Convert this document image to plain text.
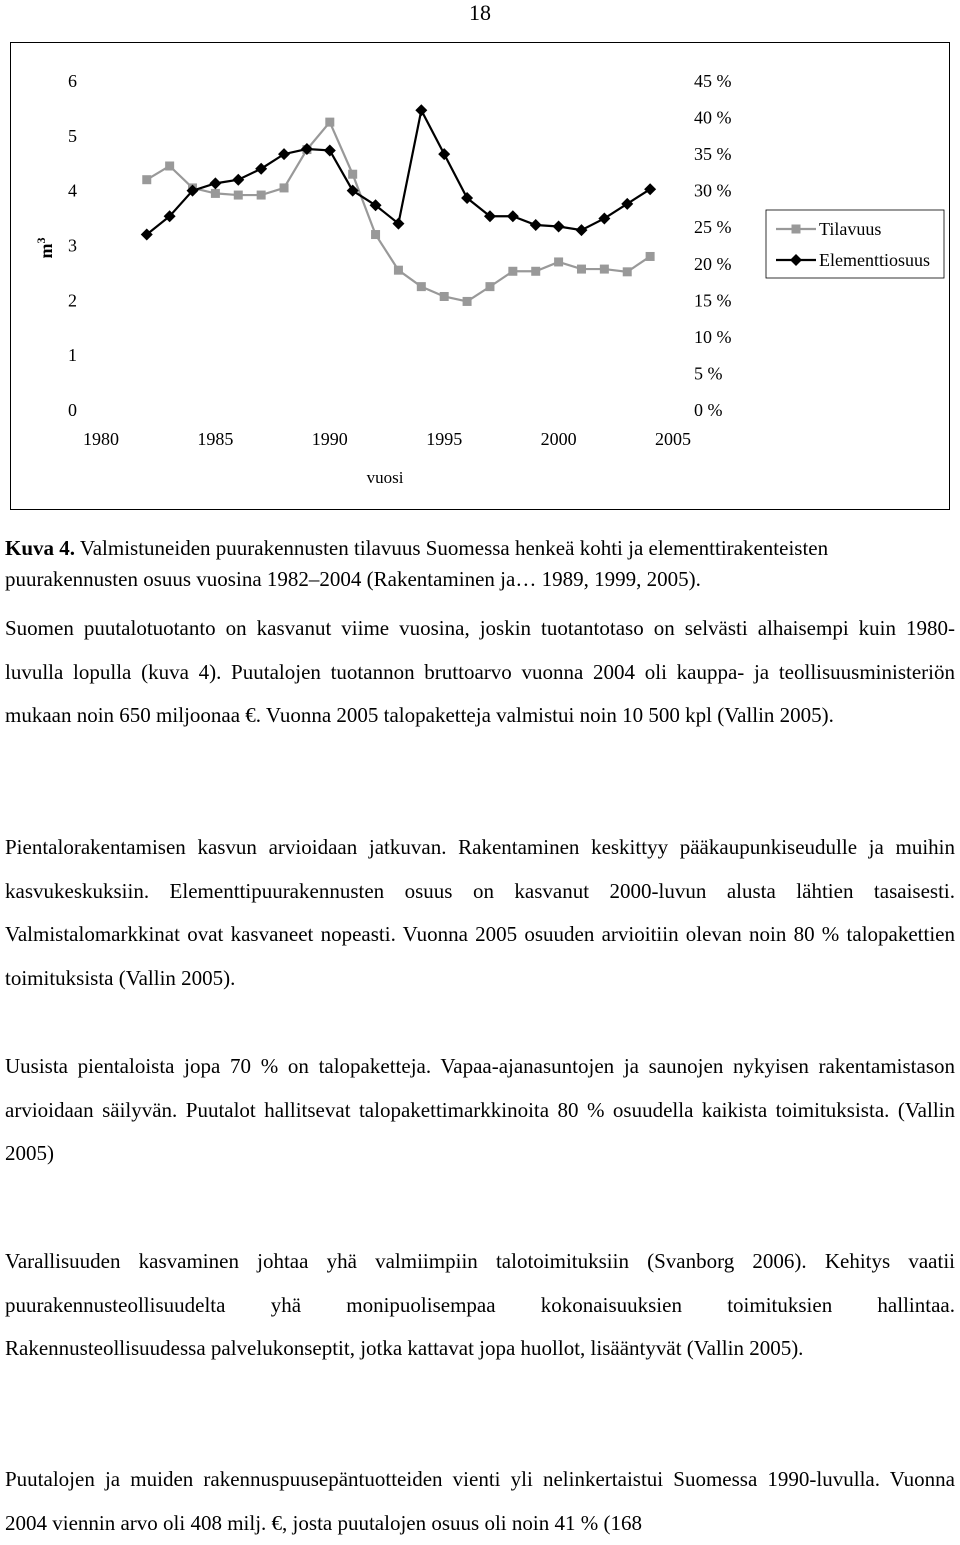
18
0
1
2
3
4
5
6
0 %
5 %
10 %
15 %
20 %
25 %
30 %
35 %
40 %
45 %
1980	1985	1990	1995	2000	2005
vuosi
$m^3$
Tilavuus
Elementtiosuus
Kuva 4. Valmistuneiden puurakennusten tilavuus Suomessa henkeä kohti ja elementtirakenteisten puurakennusten osuus vuosina 1982–2004 (Rakentaminen ja… 1989, 1999, 2005).

Suomen puutalotuotanto on kasvanut viime vuosina, joskin tuotantotaso on selvästi alhaisempi kuin 1980-luvulla lopulla (kuva 4). Puutalojen tuotannon bruttoarvo vuonna 2004 oli kauppa- ja teollisuusministeriön mukaan noin 650 miljoonaa €. Vuonna 2005 talopaketteja valmistui noin 10 500 kpl (Vallin 2005).

Pientalorakentamisen kasvun arvioidaan jatkuvan. Rakentaminen keskittyy pääkaupunkiseudulle ja muihin kasvukeskuksiin. Elementtipuurakennusten osuus on kasvanut 2000-luvun alusta lähtien tasaisesti. Valmistalomarkkinat ovat kasvaneet nopeasti. Vuonna 2005 osuuden arvioitiin olevan noin 80 % talopakettien toimituksista (Vallin 2005).

Uusista pientaloista jopa 70 % on talopaketteja. Vapaa-ajanasuntojen ja saunojen nykyisen rakentamistason arvioidaan säilyvän. Puutalot hallitsevat talopakettimarkkinoita 80 % osuudella kaikista toimituksista. (Vallin 2005)

Varallisuuden kasvaminen johtaa yhä valmiimpiin talotoimituksiin (Svanborg 2006). Kehitys vaatii puurakennusteollisuudelta yhä monipuolisempaa kokonaisuuksien toimituksien hallintaa. Rakennusteollisuudessa palvelukonseptit, jotka kattavat jopa huollot, lisääntyvät (Vallin 2005).

Puutalojen ja muiden rakennuspuusepäntuotteiden vienti yli nelinkertaistui Suomessa 1990-luvulla. Vuonna 2004 viennin arvo oli 408 milj. €, josta puutalojen osuus oli noin 41 % (168
